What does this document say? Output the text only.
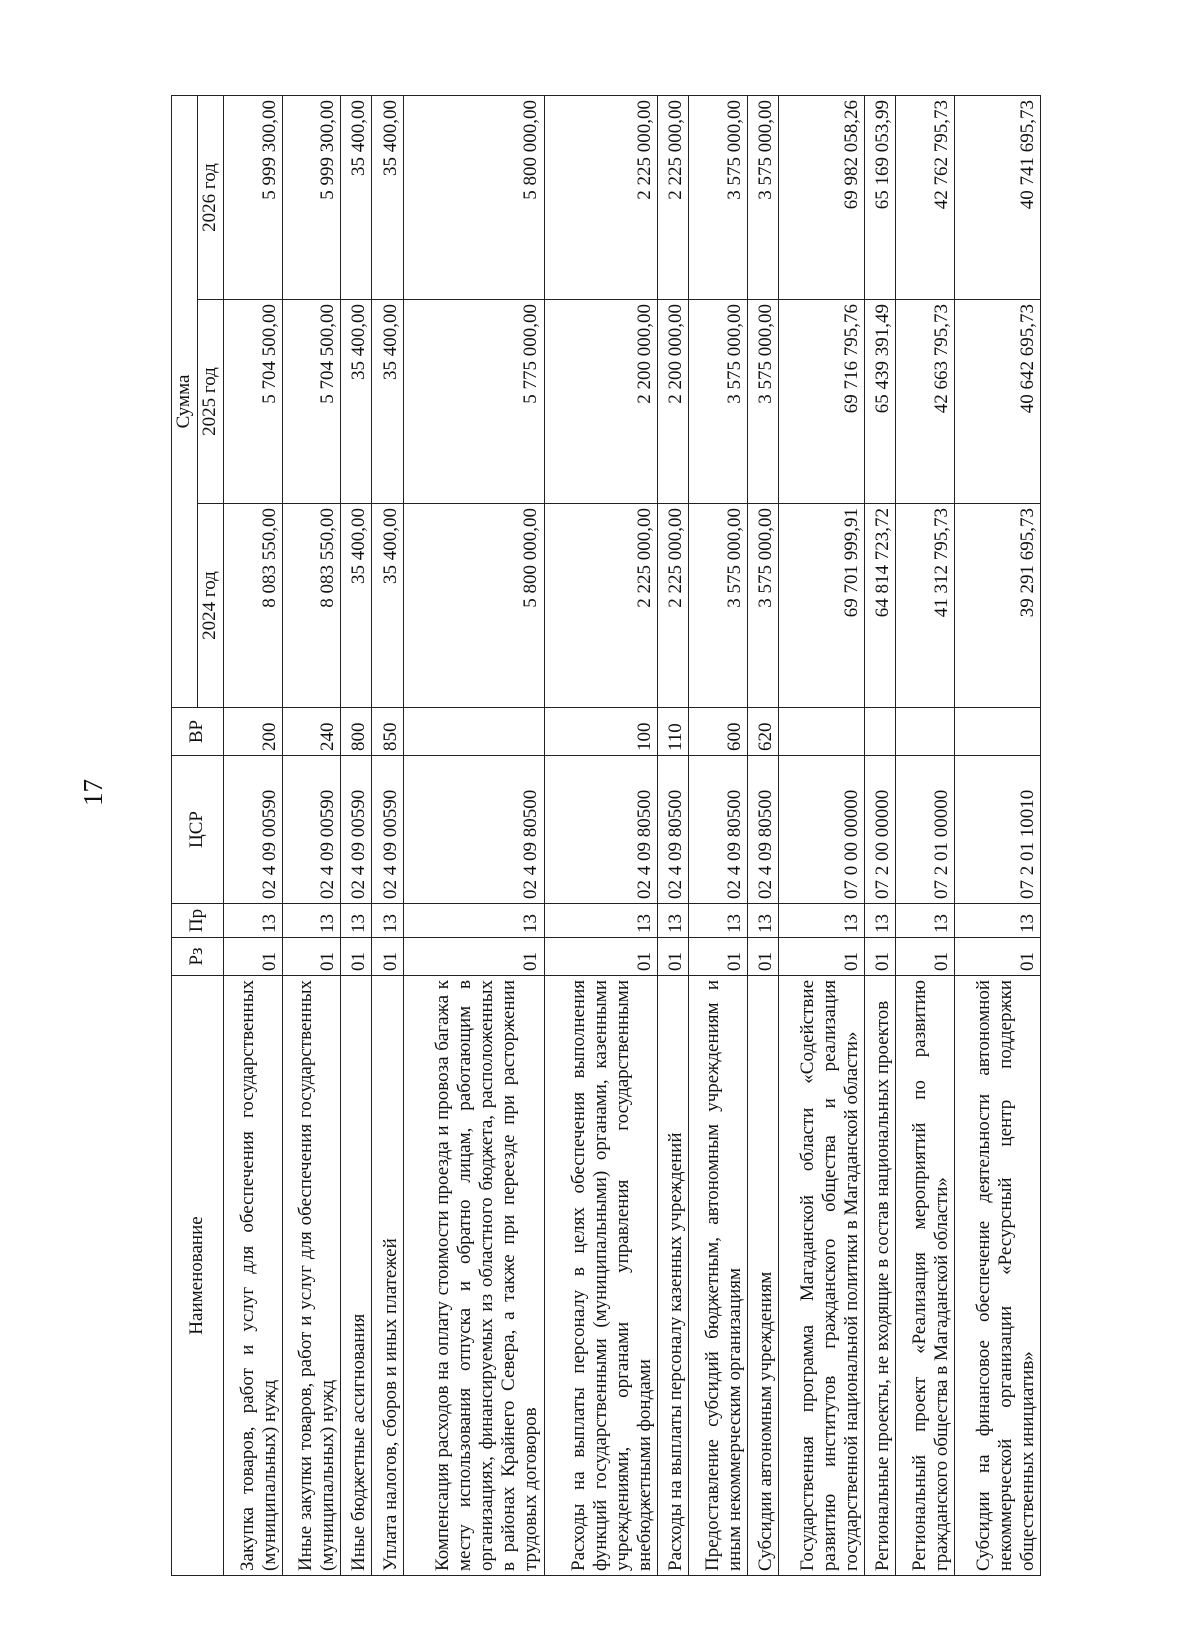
17
Наименование	Рз	Пр	ЦСР	ВР	Сумма		
					2024 год	2025 год	2026 год
Закупка товаров, работ и услуг для обеспечения государственных (муниципальных) нужд	01	13	02 4 09 00590	200	8 083 550,00	5 704 500,00	5 999 300,00
Иные закупки товаров, работ и услуг для обеспечения государственных (муниципальных) нужд	01	13	02 4 09 00590	240	8 083 550,00	5 704 500,00	5 999 300,00
Иные бюджетные ассигнования	01	13	02 4 09 00590	800	35 400,00	35 400,00	35 400,00
Уплата налогов, сборов и иных платежей	01	13	02 4 09 00590	850	35 400,00	35 400,00	35 400,00
Компенсация расходов на оплату стоимости проезда и провоза багажа к месту использования отпуска и обратно лицам, работающим в организациях, финансируемых из областного бюджета, расположенных в районах Крайнего Севера, а также при переезде при расторжении трудовых договоров	01	13	02 4 09 80500		5 800 000,00	5 775 000,00	5 800 000,00
Расходы на выплаты персоналу в целях обеспечения выполнения функций государственными (муниципальными) органами, казенными учреждениями, органами управления государственными внебюджетными фондами	01	13	02 4 09 80500	100	2 225 000,00	2 200 000,00	2 225 000,00
Расходы на выплаты персоналу казенных учреждений	01	13	02 4 09 80500	110	2 225 000,00	2 200 000,00	2 225 000,00
Предоставление субсидий бюджетным, автономным учреждениям и иным некоммерческим организациям	01	13	02 4 09 80500	600	3 575 000,00	3 575 000,00	3 575 000,00
Субсидии автономным учреждениям	01	13	02 4 09 80500	620	3 575 000,00	3 575 000,00	3 575 000,00
Государственная программа Магаданской области «Содействие развитию институтов гражданского общества и реализация государственной национальной политики в Магаданской области»	01	13	07 0 00 00000		69 701 999,91	69 716 795,76	69 982 058,26
Региональные проекты, не входящие в состав национальных проектов	01	13	07 2 00 00000		64 814 723,72	65 439 391,49	65 169 053,99
Региональный проект «Реализация мероприятий по развитию гражданского общества в Магаданской области»	01	13	07 2 01 00000		41 312 795,73	42 663 795,73	42 762 795,73
Субсидии на финансовое обеспечение деятельности автономной некоммерческой организации «Ресурсный центр поддержки общественных инициатив»	01	13	07 2 01 10010		39 291 695,73	40 642 695,73	40 741 695,73
